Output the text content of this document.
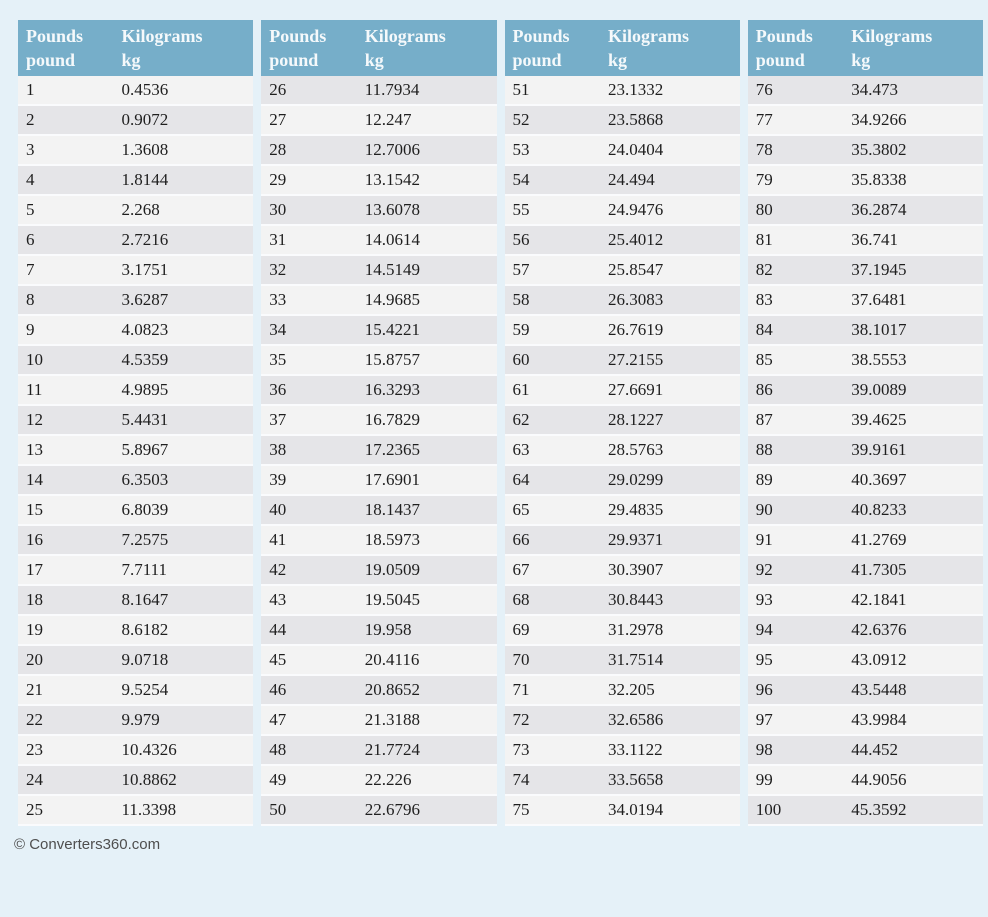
Pounds
pound
Kilograms
kg
1	0.4536
2	0.9072
3	1.3608
4	1.8144
5	2.268
6	2.7216
7	3.1751
8	3.6287
9	4.0823
10	4.5359
11	4.9895
12	5.4431
13	5.8967
14	6.3503
15	6.8039
16	7.2575
17	7.7111
18	8.1647
19	8.6182
20	9.0718
21	9.5254
22	9.979
23	10.4326
24	10.8862
25	11.3398
Pounds
pound
Kilograms
kg
26	11.7934
27	12.247
28	12.7006
29	13.1542
30	13.6078
31	14.0614
32	14.5149
33	14.9685
34	15.4221
35	15.8757
36	16.3293
37	16.7829
38	17.2365
39	17.6901
40	18.1437
41	18.5973
42	19.0509
43	19.5045
44	19.958
45	20.4116
46	20.8652
47	21.3188
48	21.7724
49	22.226
50	22.6796
Pounds
pound
Kilograms
kg
51	23.1332
52	23.5868
53	24.0404
54	24.494
55	24.9476
56	25.4012
57	25.8547
58	26.3083
59	26.7619
60	27.2155
61	27.6691
62	28.1227
63	28.5763
64	29.0299
65	29.4835
66	29.9371
67	30.3907
68	30.8443
69	31.2978
70	31.7514
71	32.205
72	32.6586
73	33.1122
74	33.5658
75	34.0194
Pounds
pound
Kilograms
kg
76	34.473
77	34.9266
78	35.3802
79	35.8338
80	36.2874
81	36.741
82	37.1945
83	37.6481
84	38.1017
85	38.5553
86	39.0089
87	39.4625
88	39.9161
89	40.3697
90	40.8233
91	41.2769
92	41.7305
93	42.1841
94	42.6376
95	43.0912
96	43.5448
97	43.9984
98	44.452
99	44.9056
100	45.3592
© Converters360.com
